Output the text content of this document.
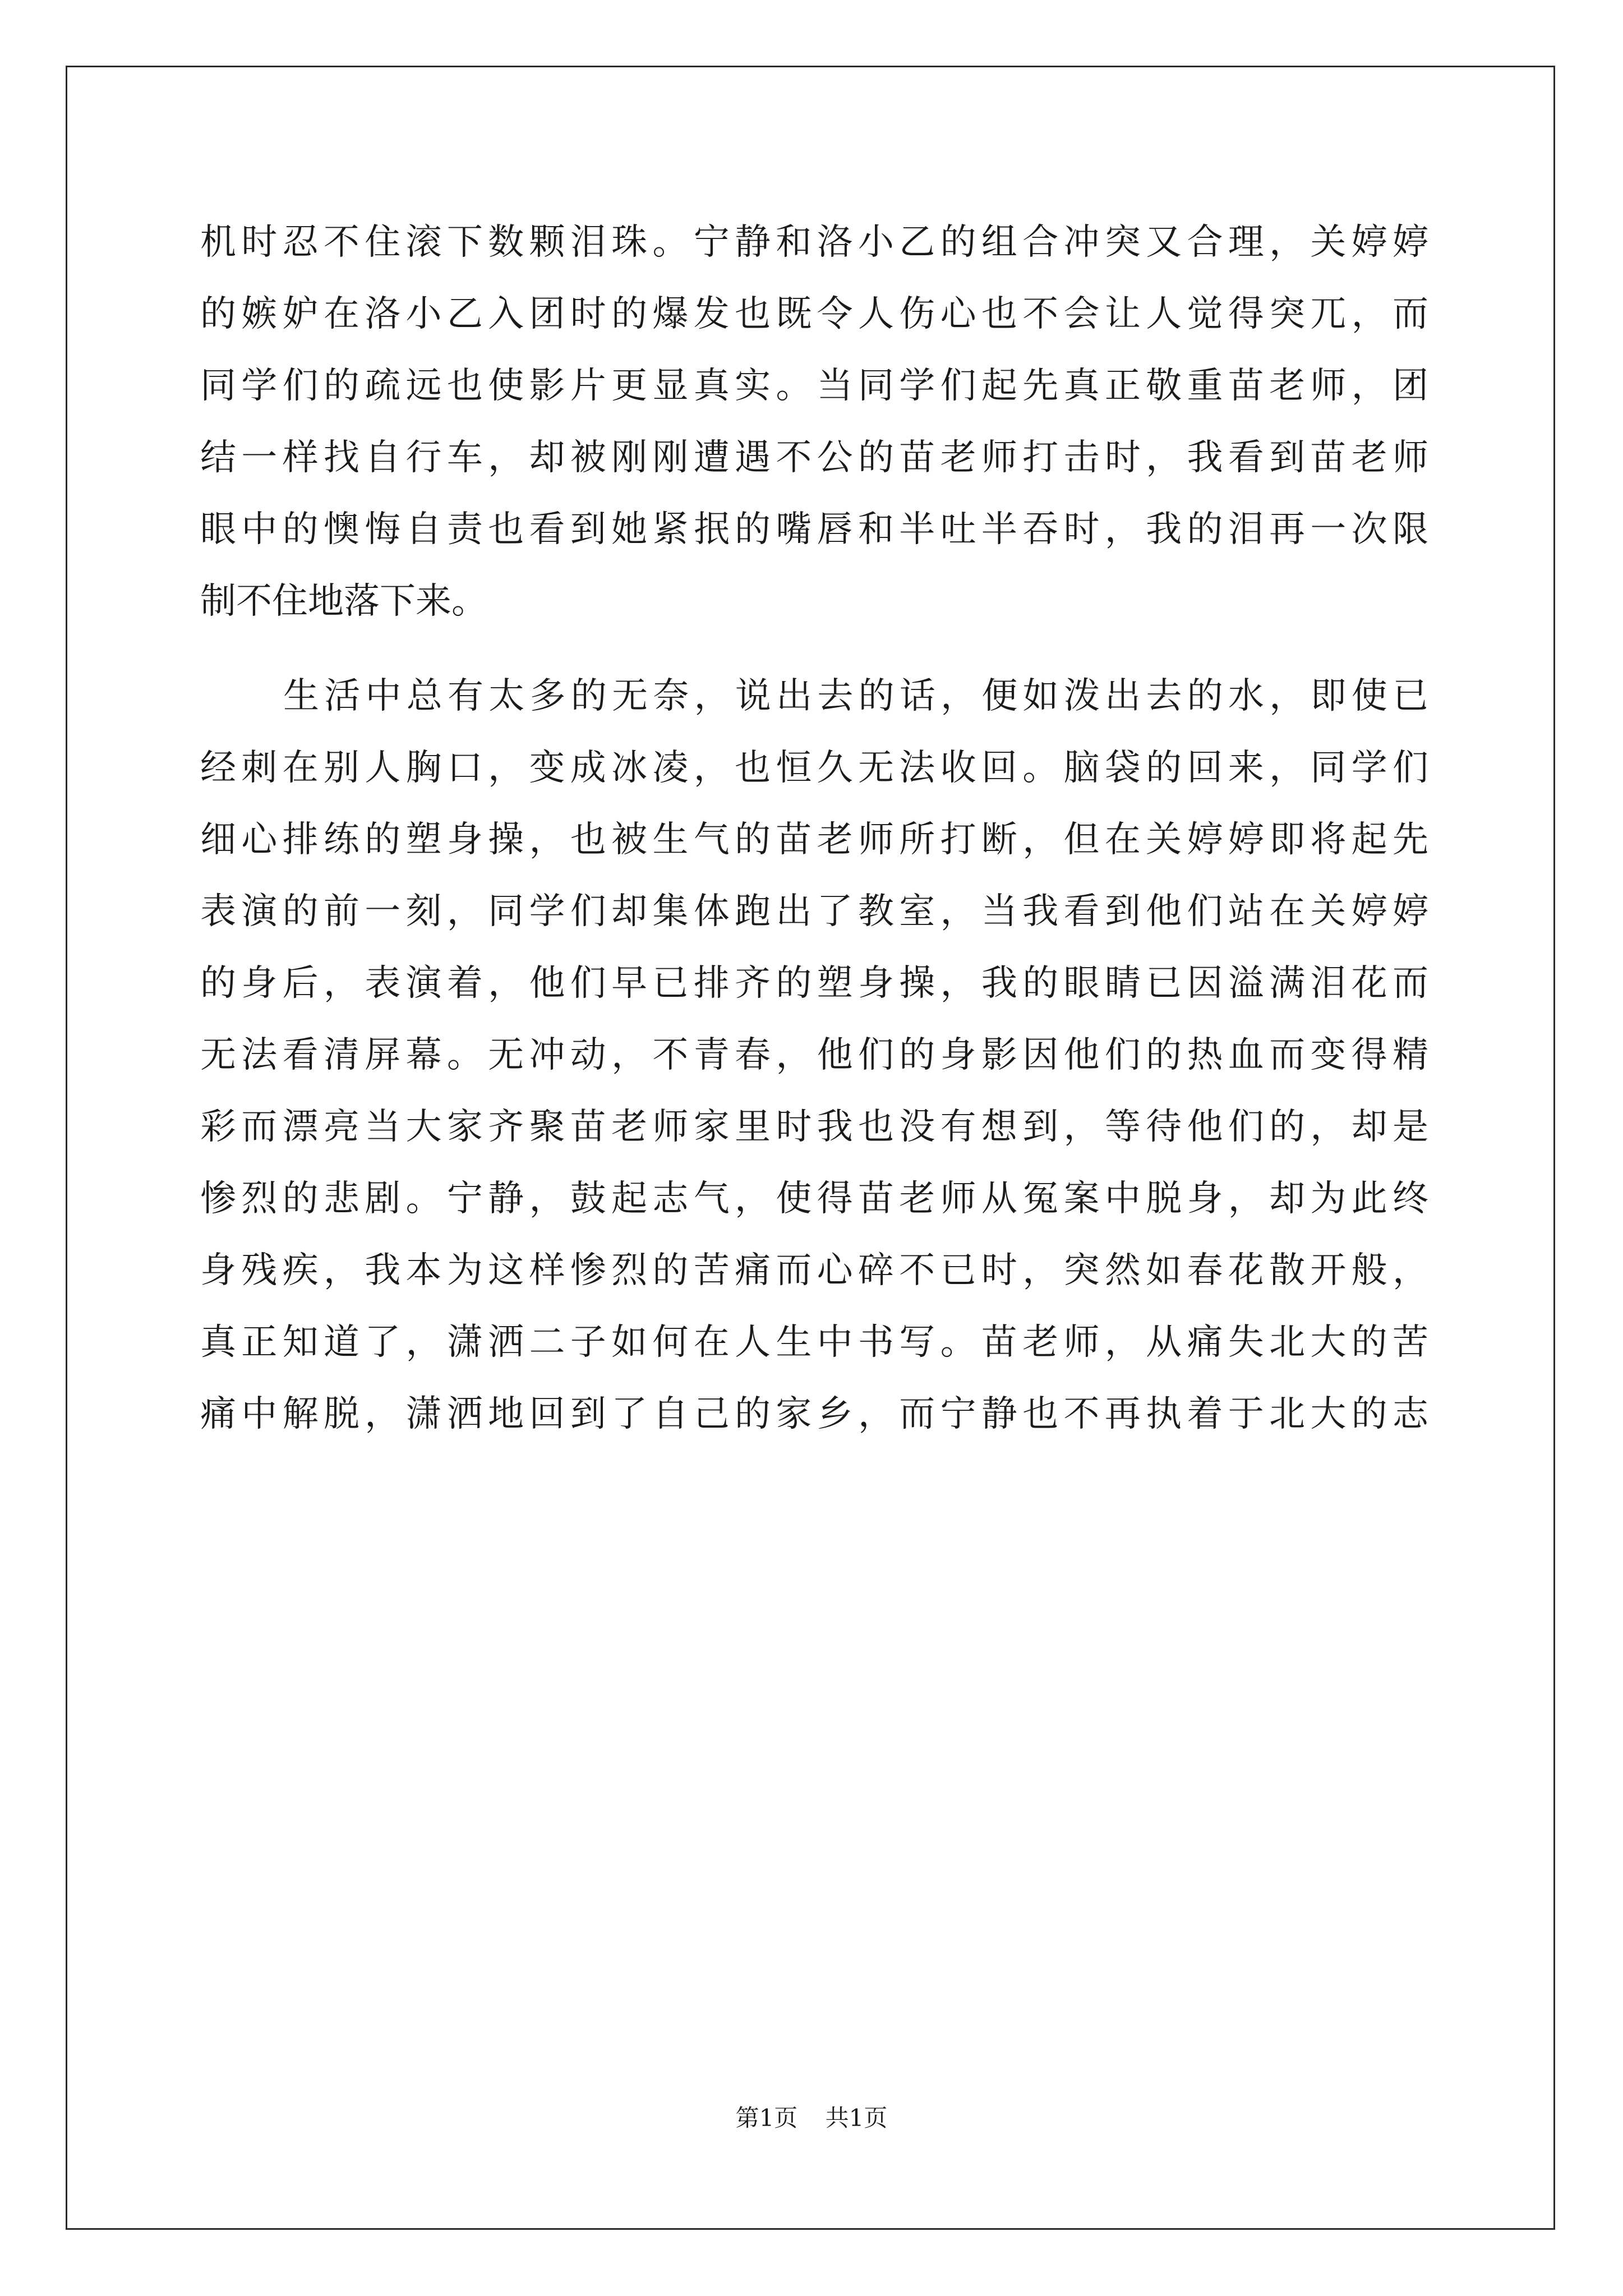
机时忍不住滚下数颗泪珠。宁静和洛小乙的组合冲突又合理，关婷婷
的嫉妒在洛小乙入团时的爆发也既令人伤心也不会让人觉得突兀，而
同学们的疏远也使影片更显真实。当同学们起先真正敬重苗老师，团
结一样找自行车，却被刚刚遭遇不公的苗老师打击时，我看到苗老师
眼中的懊悔自责也看到她紧抿的嘴唇和半吐半吞时，我的泪再一次限
制不住地落下来。
生活中总有太多的无奈，说出去的话，便如泼出去的水，即使已
经刺在别人胸口，变成冰凌，也恒久无法收回。脑袋的回来，同学们
细心排练的塑身操，也被生气的苗老师所打断，但在关婷婷即将起先
表演的前一刻，同学们却集体跑出了教室，当我看到他们站在关婷婷
的身后，表演着，他们早已排齐的塑身操，我的眼睛已因溢满泪花而
无法看清屏幕。无冲动，不青春，他们的身影因他们的热血而变得精
彩而漂亮当大家齐聚苗老师家里时我也没有想到，等待他们的，却是
惨烈的悲剧。宁静，鼓起志气，使得苗老师从冤案中脱身，却为此终
身残疾，我本为这样惨烈的苦痛而心碎不已时，突然如春花散开般，
真正知道了，潇洒二子如何在人生中书写。苗老师，从痛失北大的苦
痛中解脱，潇洒地回到了自己的家乡，而宁静也不再执着于北大的志
第1页 共1页
